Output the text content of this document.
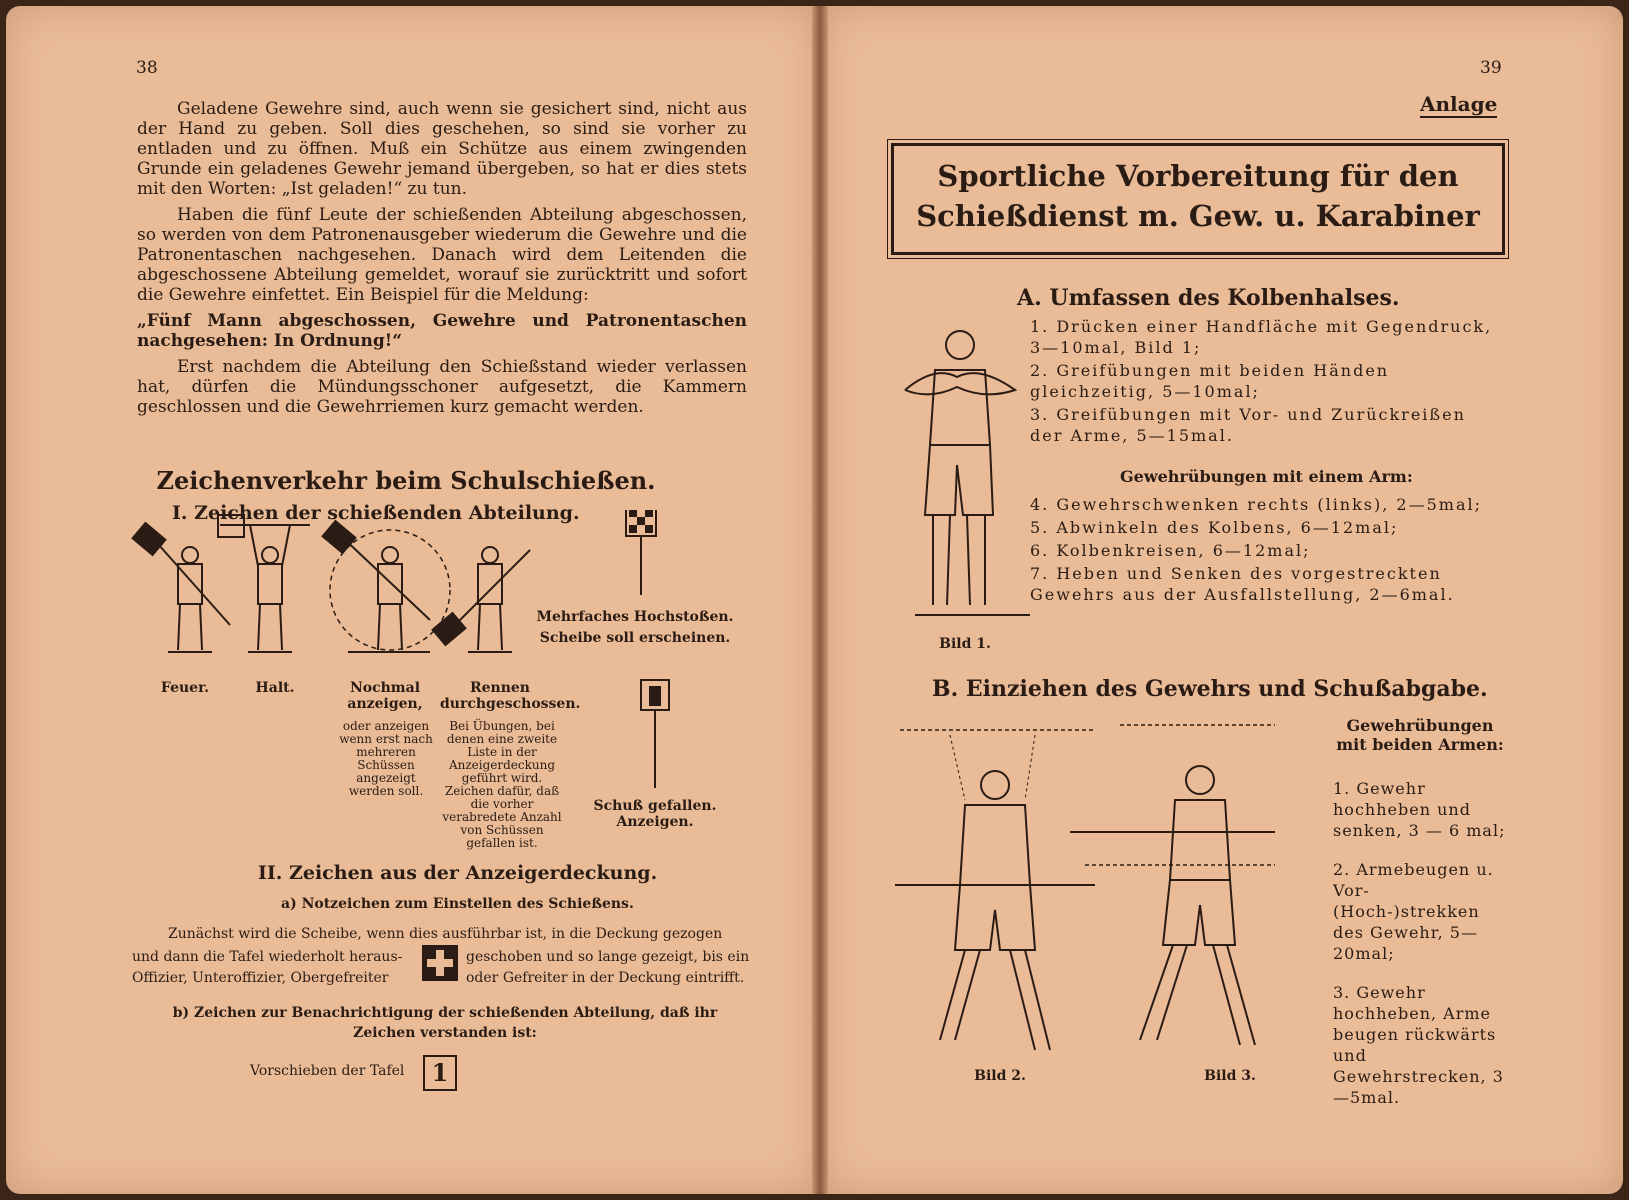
38

Geladene Gewehre sind, auch wenn sie gesichert sind, nicht aus der Hand zu geben. Soll dies geschehen, so sind sie vorher zu entladen und zu öffnen. Muß ein Schütze aus einem zwingenden Grunde ein geladenes Gewehr jemand übergeben, so hat er dies stets mit den Worten: „Ist geladen!“ zu tun.

Haben die fünf Leute der schießenden Abteilung abgeschossen, so werden von dem Patronenausgeber wiederum die Gewehre und die Patronentaschen nachgesehen. Danach wird dem Leitenden die abgeschossene Abteilung gemeldet, worauf sie zurücktritt und sofort die Gewehre einfettet. Ein Beispiel für die Meldung:

„Fünf Mann abgeschossen, Gewehre und Patronentaschen nachgesehen: In Ordnung!“

Erst nachdem die Abteilung den Schießstand wieder verlassen hat, dürfen die Mündungsschoner aufgesetzt, die Kammern geschlossen und die Gewehrriemen kurz gemacht werden.

Zeichenverkehr beim Schulschießen.
I. Zeichen der schießenden Abteilung.
Mehrfaches Hochstoßen.
Scheibe soll erscheinen.
Feuer.	Halt.	Nochmal anzeigen,
Rennen durchgeschossen.
oder anzeigen wenn erst nach mehreren Schüssen angezeigt werden soll.
Bei Übungen, bei denen eine zweite Liste in der Anzeigerdeckung geführt wird. Zeichen dafür, daß die vorher verabredete Anzahl von Schüssen gefallen ist.
Schuß gefallen. Anzeigen.
II. Zeichen aus der Anzeigerdeckung.
a) Notzeichen zum Einstellen des Schießens.
Zunächst wird die Scheibe, wenn dies ausführbar ist, in die Deckung gezogen
und dann die Tafel wiederholt heraus-	geschoben und so lange gezeigt, bis ein
Offizier, Unteroffizier, Obergefreiter	oder Gefreiter in der Deckung eintrifft.
b) Zeichen zur Benachrichtigung der schießenden Abteilung, daß ihr Zeichen verstanden ist:
Vorschieben der Tafel	1
39
Anlage
Sportliche Vorbereitung für den
Schießdienst m. Gew. u. Karabiner
A. Umfassen des Kolbenhalses.
Bild 1.
1. Drücken einer Handfläche mit Gegendruck, 3—10mal, Bild 1;
2. Greifübungen mit beiden Händen gleichzeitig, 5—10mal;
3. Greifübungen mit Vor- und Zurückreißen der Arme, 5—15mal.
Gewehrübungen mit einem Arm:
4. Gewehrschwenken rechts (links), 2—5mal;
5. Abwinkeln des Kolbens, 6—12mal;
6. Kolbenkreisen, 6—12mal;
7. Heben und Senken des vorgestreckten Gewehrs aus der Ausfallstellung, 2—6mal.
B. Einziehen des Gewehrs und Schußabgabe.
Bild 2.	Bild 3.
Gewehrübungen mit beiden Armen:
1. Gewehr hochheben und senken, 3 — 6 mal;
2. Armebeugen u. Vor-(Hoch-)strekken des Gewehr, 5—20mal;
3. Gewehr hochheben, Arme beugen rückwärts und Gewehrstrecken, 3—5mal.
